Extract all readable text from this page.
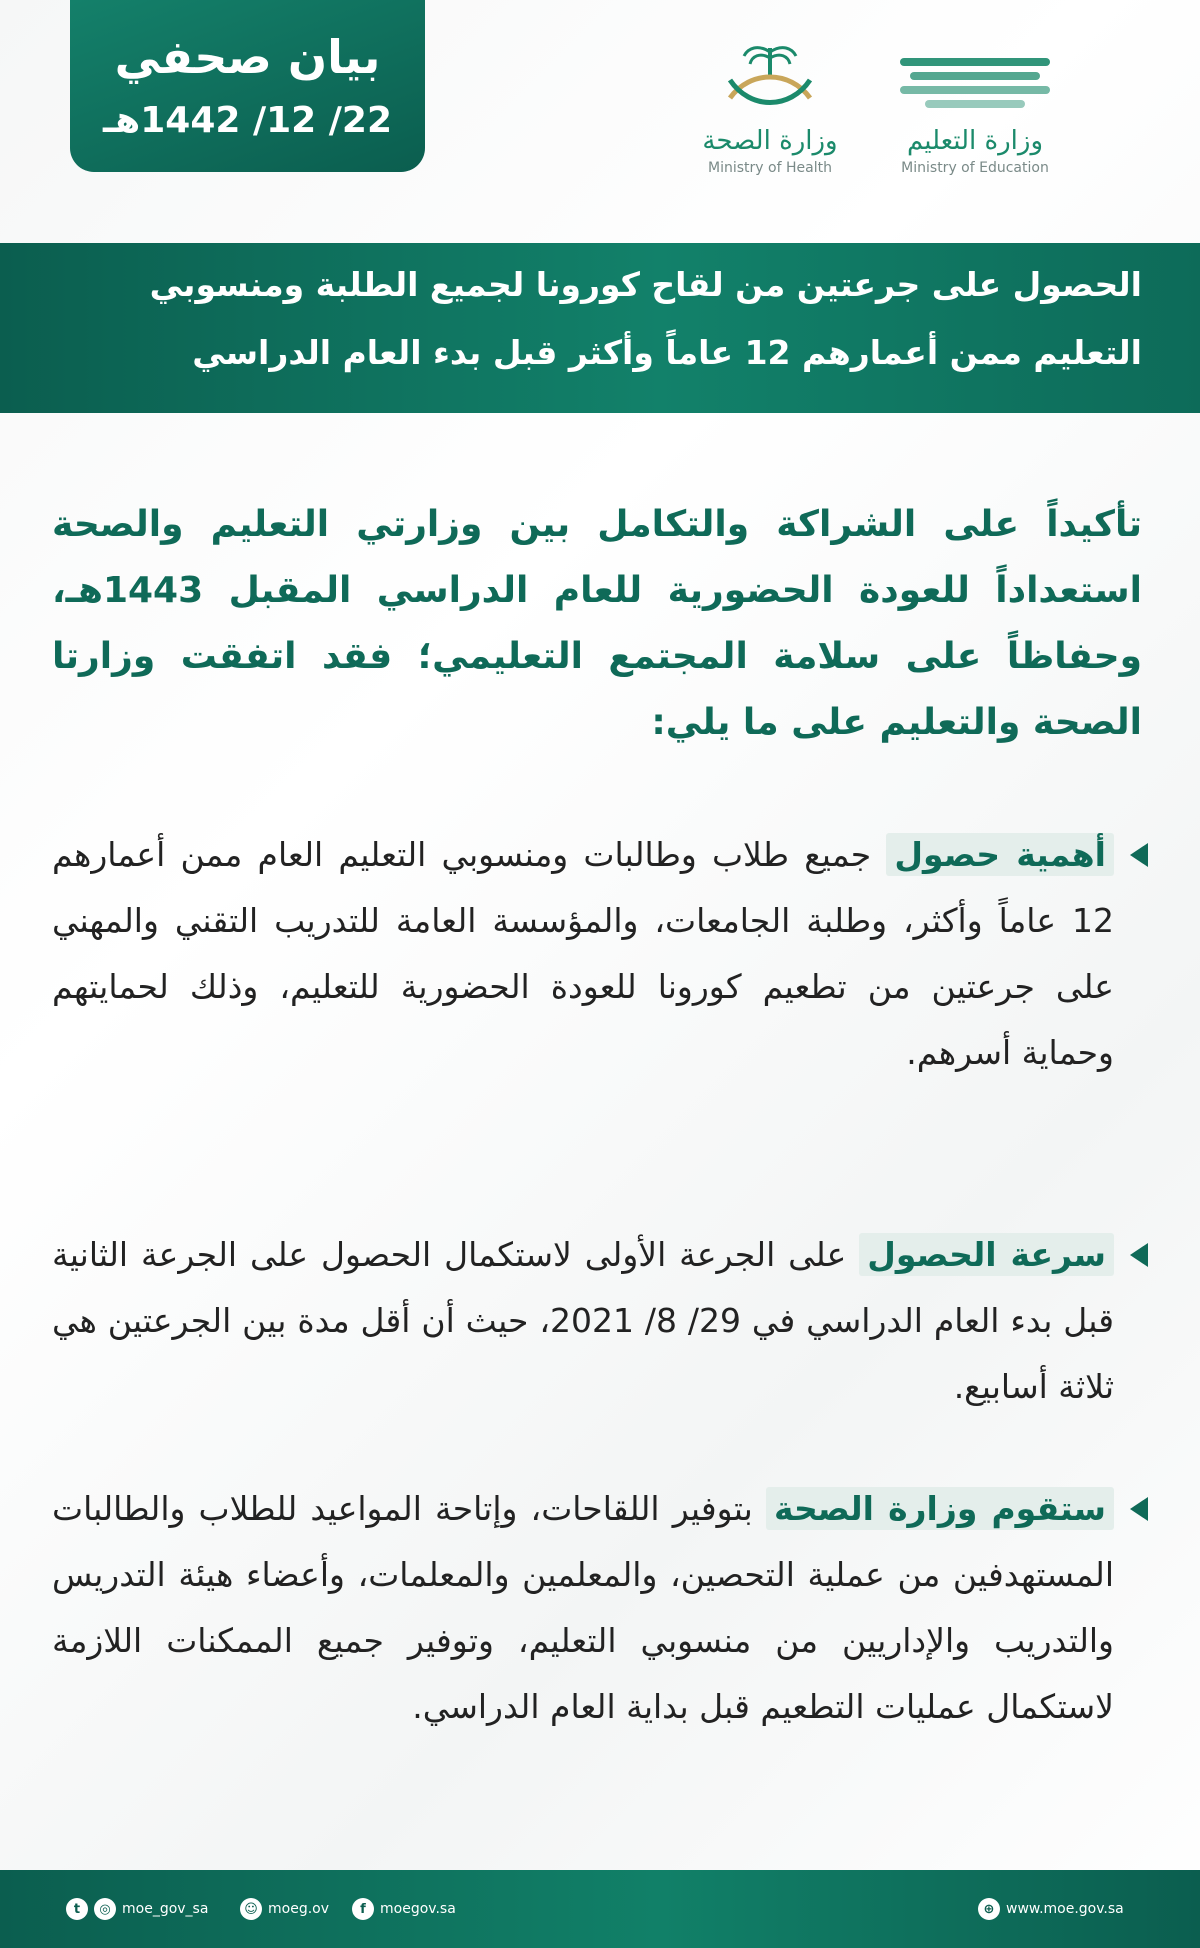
بيان صحفي
22/ 12/ 1442هـ	وزارة الصحة
Ministry of Health
وزارة التعليم
Ministry of Education
الحصول على جرعتين من لقاح كورونا لجميع الطلبة ومنسوبي
التعليم ممن أعمارهم 12 عاماً وأكثر قبل بدء العام الدراسي
تأكيداً على الشراكة والتكامل بين وزارتي التعليم والصحة استعداداً للعودة الحضورية للعام الدراسي المقبل 1443هـ، وحفاظاً على سلامة المجتمع التعليمي؛ فقد اتفقت وزارتا الصحة والتعليم على ما يلي:
أهمية حصول جميع طلاب وطالبات ومنسوبي التعليم العام ممن أعمارهم 12 عاماً وأكثر، وطلبة الجامعات، والمؤسسة العامة للتدريب التقني والمهني على جرعتين من تطعيم كورونا للعودة الحضورية للتعليم، وذلك لحمايتهم وحماية أسرهم.
سرعة الحصول على الجرعة الأولى لاستكمال الحصول على الجرعة الثانية قبل بدء العام الدراسي في 29/ 8/ 2021، حيث أن أقل مدة بين الجرعتين هي ثلاثة أسابيع.
ستقوم وزارة الصحة بتوفير اللقاحات، وإتاحة المواعيد للطلاب والطالبات المستهدفين من عملية التحصين، والمعلمين والمعلمات، وأعضاء هيئة التدريس والتدريب والإداريين من منسوبي التعليم، وتوفير جميع الممكنات اللازمة لاستكمال عمليات التطعيم قبل بداية العام الدراسي.
t	◎ moe_gov_sa	☺ moeg.ov	f	moegov.sa	⊕ www.moe.gov.sa
